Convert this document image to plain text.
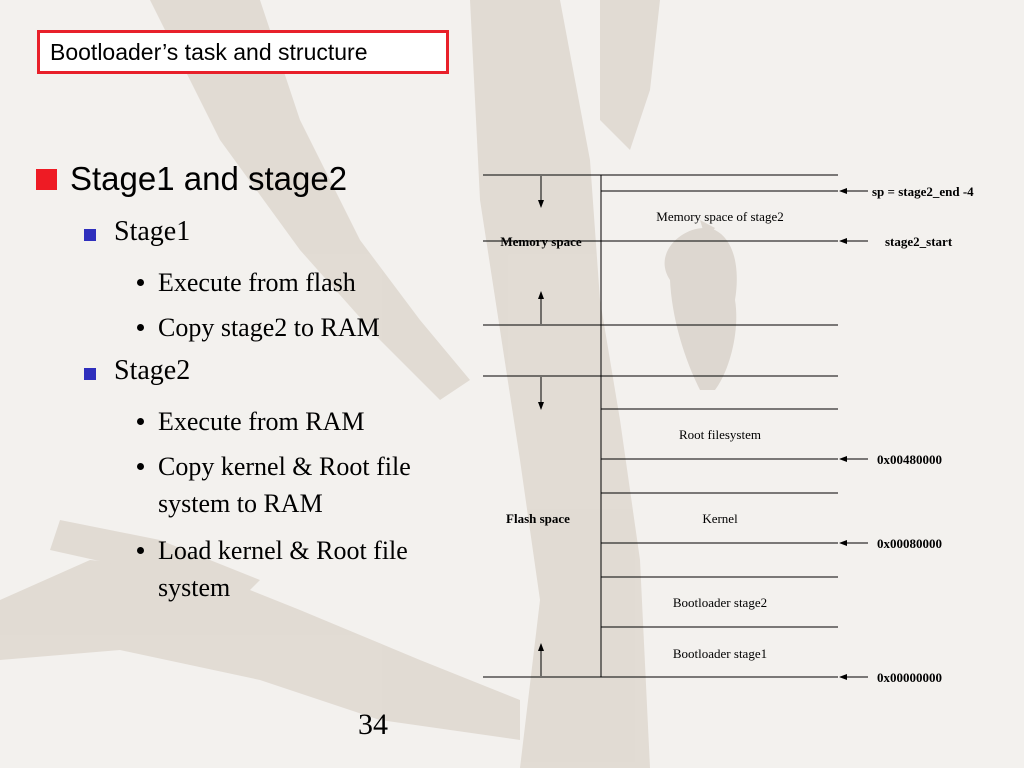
Bootloader’s task and structure
Stage1 and stage2
Stage1
Execute from flash
Copy stage2 to RAM
Stage2
Execute from RAM
Copy kernel & Root file
system to RAM
Load kernel & Root file
system
Memory space
Flash space
Memory space of stage2
Root filesystem
Kernel
Bootloader stage2
Bootloader stage1
sp = stage2_end -4
stage2_start
0x00480000
0x00080000
0x00000000
34
